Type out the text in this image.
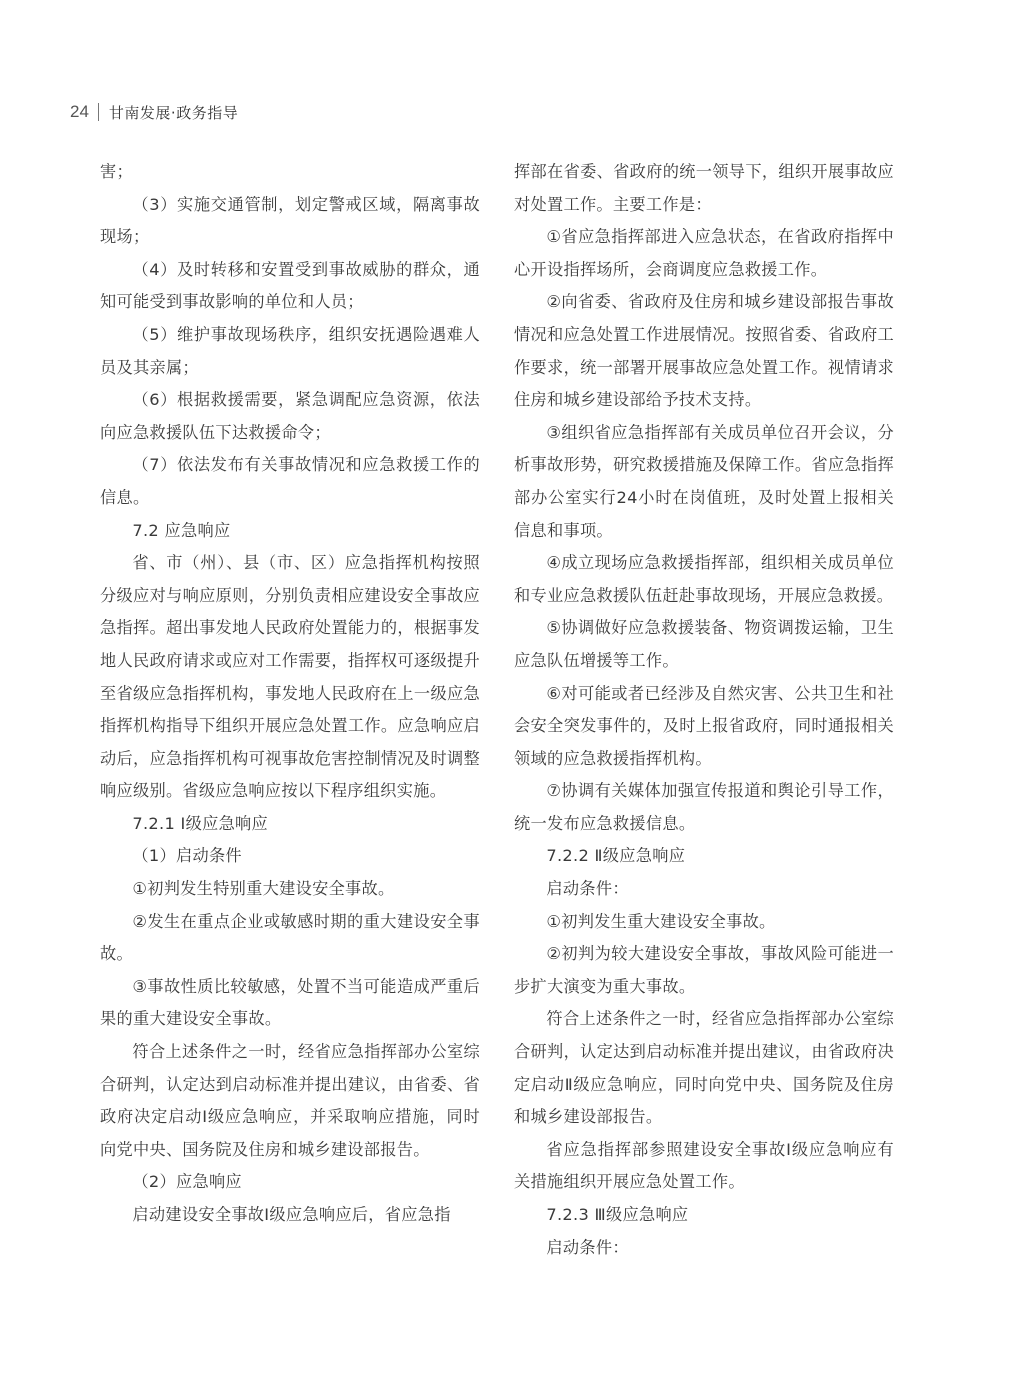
24 甘南发展·政务指导

害；

（3）实施交通管制，划定警戒区域，隔离事故现场；

（4）及时转移和安置受到事故威胁的群众，通知可能受到事故影响的单位和人员；

（5）维护事故现场秩序，组织安抚遇险遇难人员及其亲属；

（6）根据救援需要，紧急调配应急资源，依法向应急救援队伍下达救援命令；

（7）依法发布有关事故情况和应急救援工作的信息。

7.2 应急响应

省、市（州）、县（市、区）应急指挥机构按照分级应对与响应原则，分别负责相应建设安全事故应急指挥。超出事发地人民政府处置能力的，根据事发地人民政府请求或应对工作需要，指挥权可逐级提升至省级应急指挥机构，事发地人民政府在上一级应急指挥机构指导下组织开展应急处置工作。应急响应启动后，应急指挥机构可视事故危害控制情况及时调整响应级别。省级应急响应按以下程序组织实施。

7.2.1 Ⅰ级应急响应

（1）启动条件

①初判发生特别重大建设安全事故。

②发生在重点企业或敏感时期的重大建设安全事故。

③事故性质比较敏感，处置不当可能造成严重后果的重大建设安全事故。

符合上述条件之一时，经省应急指挥部办公室综合研判，认定达到启动标准并提出建议，由省委、省政府决定启动Ⅰ级应急响应，并采取响应措施，同时向党中央、国务院及住房和城乡建设部报告。

（2）应急响应

启动建设安全事故Ⅰ级应急响应后，省应急指

挥部在省委、省政府的统一领导下，组织开展事故应对处置工作。主要工作是：

①省应急指挥部进入应急状态，在省政府指挥中心开设指挥场所，会商调度应急救援工作。

②向省委、省政府及住房和城乡建设部报告事故情况和应急处置工作进展情况。按照省委、省政府工作要求，统一部署开展事故应急处置工作。视情请求住房和城乡建设部给予技术支持。

③组织省应急指挥部有关成员单位召开会议，分析事故形势，研究救援措施及保障工作。省应急指挥部办公室实行24小时在岗值班，及时处置上报相关信息和事项。

④成立现场应急救援指挥部，组织相关成员单位和专业应急救援队伍赶赴事故现场，开展应急救援。

⑤协调做好应急救援装备、物资调拨运输，卫生应急队伍增援等工作。

⑥对可能或者已经涉及自然灾害、公共卫生和社会安全突发事件的，及时上报省政府，同时通报相关领域的应急救援指挥机构。

⑦协调有关媒体加强宣传报道和舆论引导工作，统一发布应急救援信息。

7.2.2 Ⅱ级应急响应

启动条件：

①初判发生重大建设安全事故。

②初判为较大建设安全事故，事故风险可能进一步扩大演变为重大事故。

符合上述条件之一时，经省应急指挥部办公室综合研判，认定达到启动标准并提出建议，由省政府决定启动Ⅱ级应急响应，同时向党中央、国务院及住房和城乡建设部报告。

省应急指挥部参照建设安全事故Ⅰ级应急响应有关措施组织开展应急处置工作。

7.2.3 Ⅲ级应急响应

启动条件：
